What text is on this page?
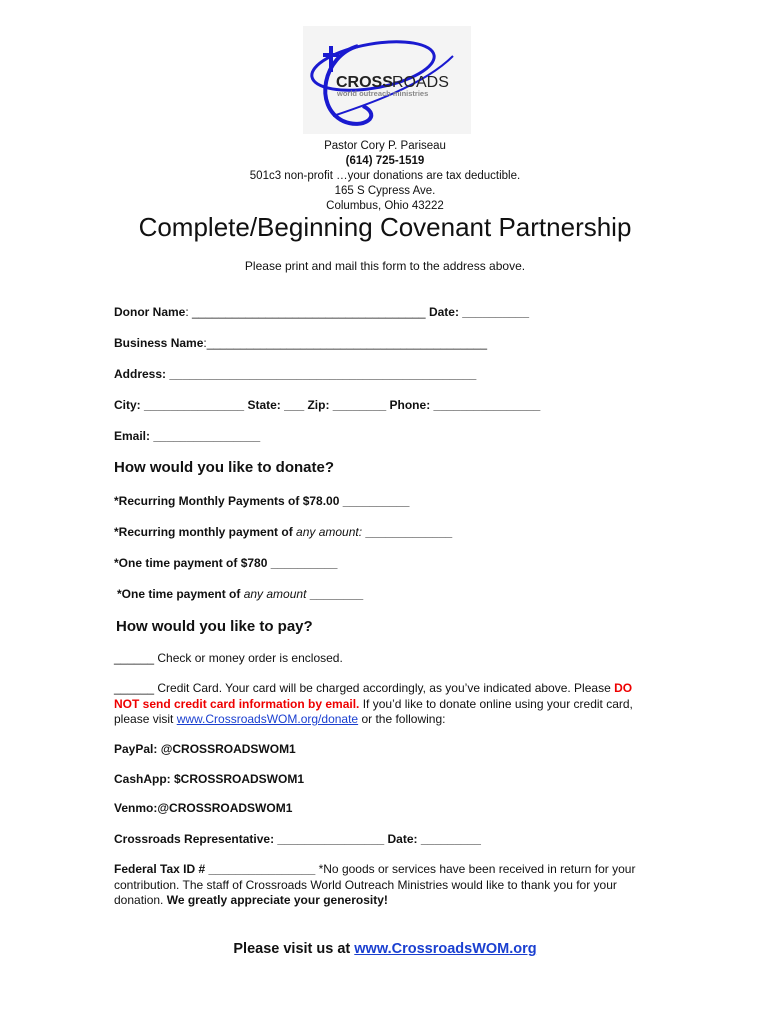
CROSS ROADS
world outreach ministries
Pastor Cory P. Pariseau
(614) 725-1519
501c3 non-profit …your donations are tax deductible.
165 S Cypress Ave.
Columbus, Ohio 43222
Complete/Beginning Covenant Partnership
Please print and mail this form to the address above.
Donor Name: ___________________________________ Date: __________
Business Name:__________________________________________
Address: ______________________________________________
City: _______________ State: ___ Zip: ________ Phone: ________________
Email: ________________
How would you like to donate?
*Recurring Monthly Payments of $78.00 __________
*Recurring monthly payment of any amount: _____________
*One time payment of $780 __________
*One time payment of any amount ________
How would you like to pay?
______ Check or money order is enclosed.
______ Credit Card. Your card will be charged accordingly, as you’ve indicated above. Please DO NOT send credit card information by email. If you’d like to donate online using your credit card, please visit www.CrossroadsWOM.org/donate or the following:
PayPal: @CROSSROADSWOM1
CashApp: $CROSSROADSWOM1
Venmo:@CROSSROADSWOM1
Crossroads Representative: ________________ Date: _________
Federal Tax ID # ________________ *No goods or services have been received in return for your contribution. The staff of Crossroads World Outreach Ministries would like to thank you for your donation. We greatly appreciate your generosity!
Please visit us at www.CrossroadsWOM.org
